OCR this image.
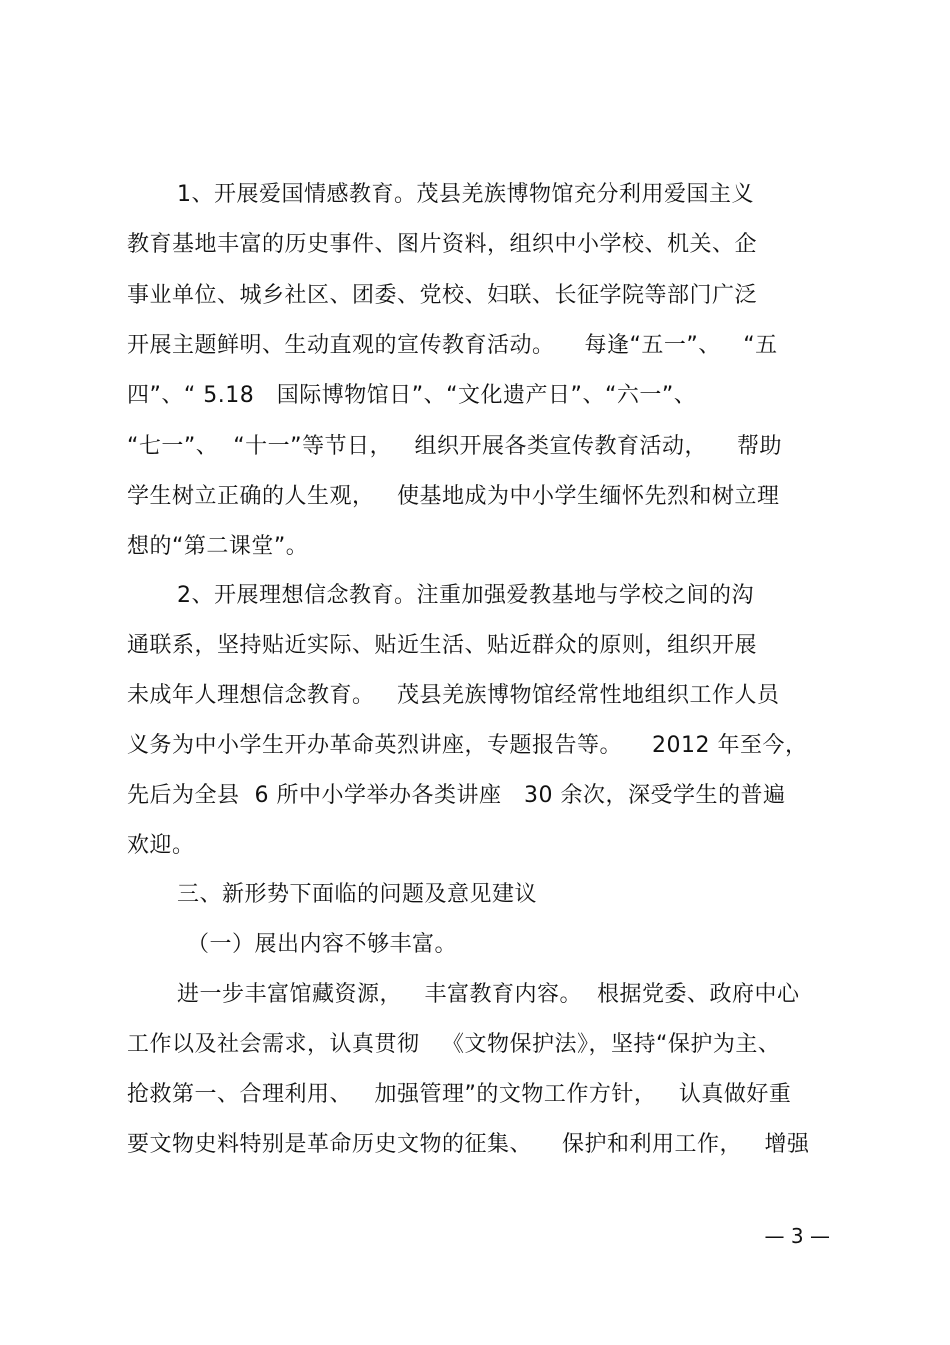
1、开展爱国情感教育。茂县羌族博物馆充分利用爱国主义
教育基地丰富的历史事件、图片资料，组织中小学校、机关、企
事业单位、城乡社区、团委、党校、妇联、长征学院等部门广泛
开展主题鲜明、生动直观的宣传教育活动。    每逢“五一”、   “五
四”、“ 5.18   国际博物馆日”、“文化遗产日”、“六一”、
“七一”、  “十一”等节日，   组织开展各类宣传教育活动，    帮助
学生树立正确的人生观，   使基地成为中小学生缅怀先烈和树立理
想的“第二课堂”。
2、开展理想信念教育。注重加强爱教基地与学校之间的沟
通联系，坚持贴近实际、贴近生活、贴近群众的原则，组织开展
未成年人理想信念教育。   茂县羌族博物馆经常性地组织工作人员
义务为中小学生开办革命英烈讲座，专题报告等。    2012 年至今，
先后为全县  6 所中小学举办各类讲座   30 余次，深受学生的普遍
欢迎。
三、新形势下面临的问题及意见建议
（一）展出内容不够丰富。
进一步丰富馆藏资源，   丰富教育内容。  根据党委、政府中心
工作以及社会需求，认真贯彻   《文物保护法》，坚持“保护为主、
抢救第一、合理利用、   加强管理”的文物工作方针，   认真做好重
要文物史料特别是革命历史文物的征集、    保护和利用工作，   增强
— 3 —
